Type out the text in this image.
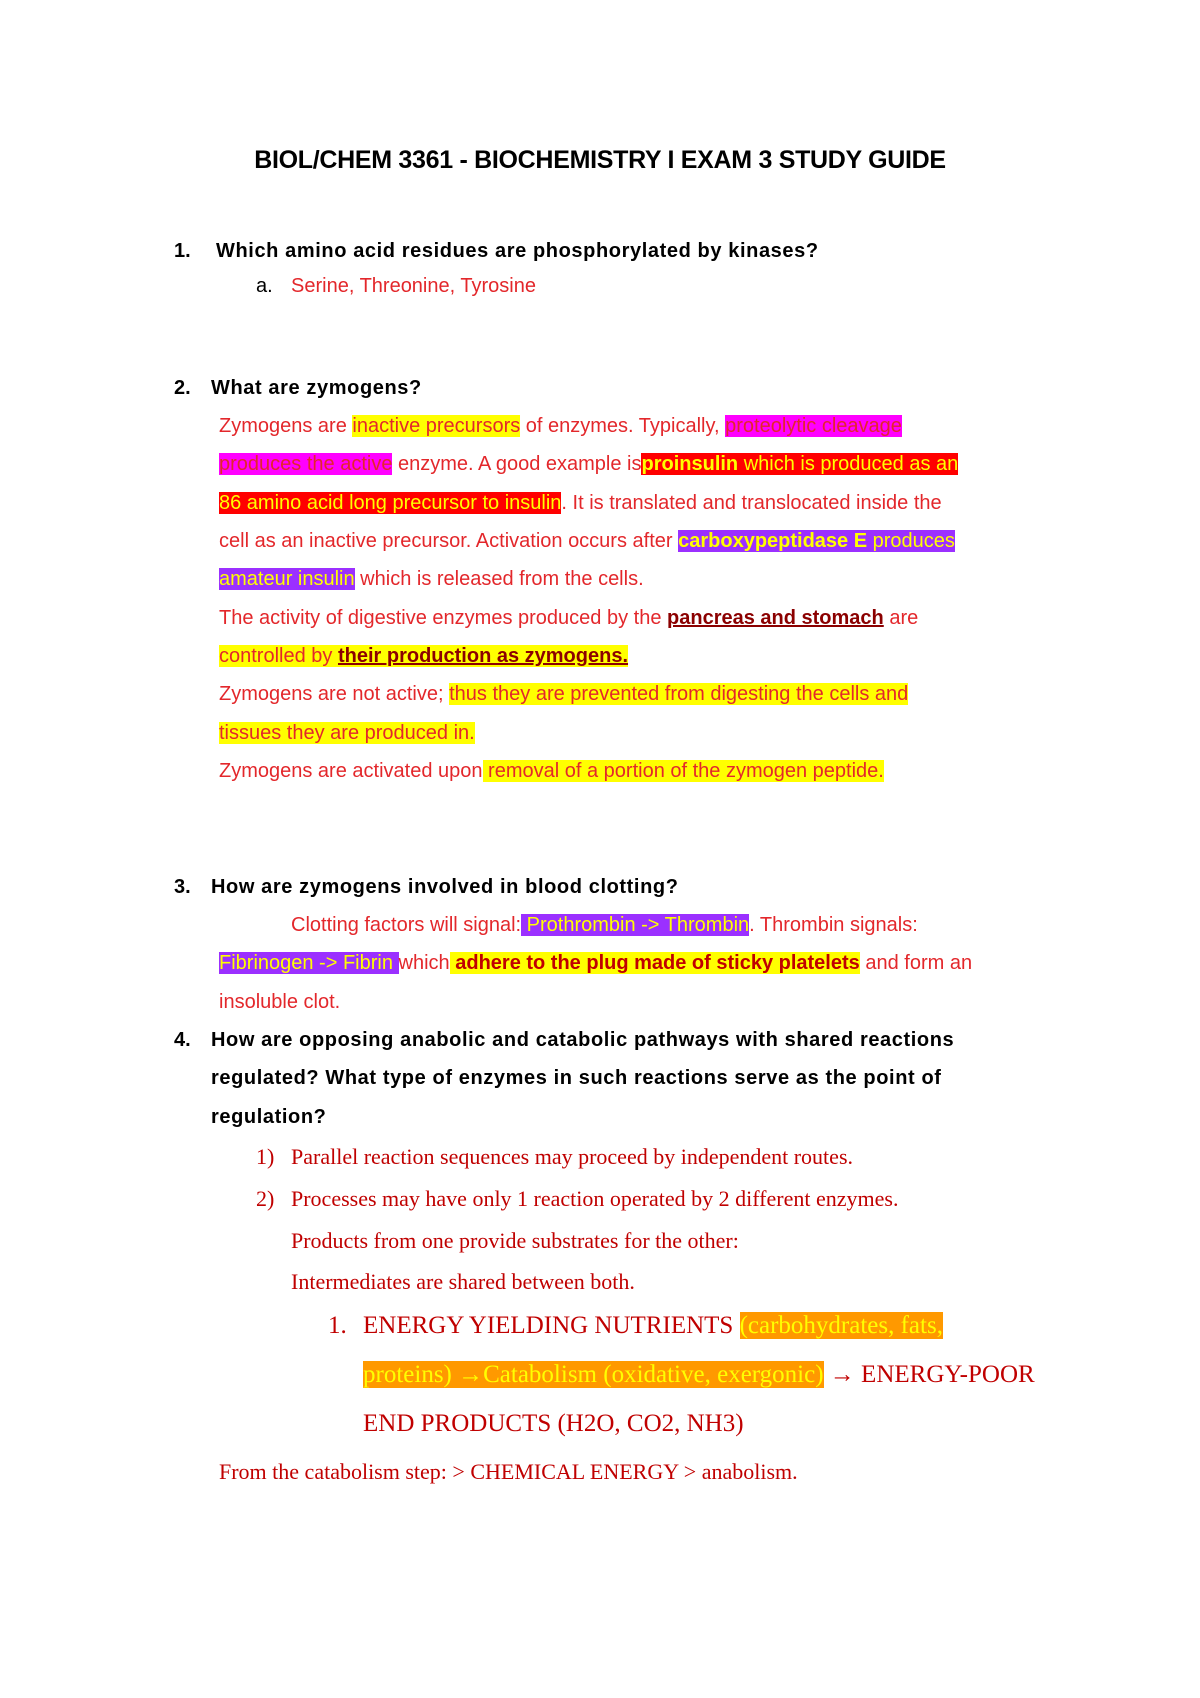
BIOL/CHEM 3361 - BIOCHEMISTRY I EXAM 3 STUDY GUIDE
1. Which amino acid residues are phosphorylated by kinases?
a. Serine, Threonine, Tyrosine
2. What are zymogens?
Zymogens are inactive precursors of enzymes. Typically, proteolytic cleavage
produces the active enzyme. A good example isproinsulin which is produced as an
86 amino acid long precursor to insulin. It is translated and translocated inside the
cell as an inactive precursor. Activation occurs after carboxypeptidase E produces
amateur insulin which is released from the cells.
The activity of digestive enzymes produced by the pancreas and stomach are
controlled by their production as zymogens.
Zymogens are not active; thus they are prevented from digesting the cells and
tissues they are produced in.
Zymogens are activated upon removal of a portion of the zymogen peptide.
3. How are zymogens involved in blood clotting?
Clotting factors will signal: Prothrombin -> Thrombin. Thrombin signals:
Fibrinogen -> Fibrin which adhere to the plug made of sticky platelets and form an
insoluble clot.
4. How are opposing anabolic and catabolic pathways with shared reactions
regulated? What type of enzymes in such reactions serve as the point of
regulation?
1) Parallel reaction sequences may proceed by independent routes.
2) Processes may have only 1 reaction operated by 2 different enzymes.
Products from one provide substrates for the other:
Intermediates are shared between both.
1. ENERGY YIELDING NUTRIENTS (carbohydrates, fats,
proteins) →Catabolism (oxidative, exergonic) → ENERGY-POOR
END PRODUCTS (H2O, CO2, NH3)
From the catabolism step: > CHEMICAL ENERGY > anabolism.
